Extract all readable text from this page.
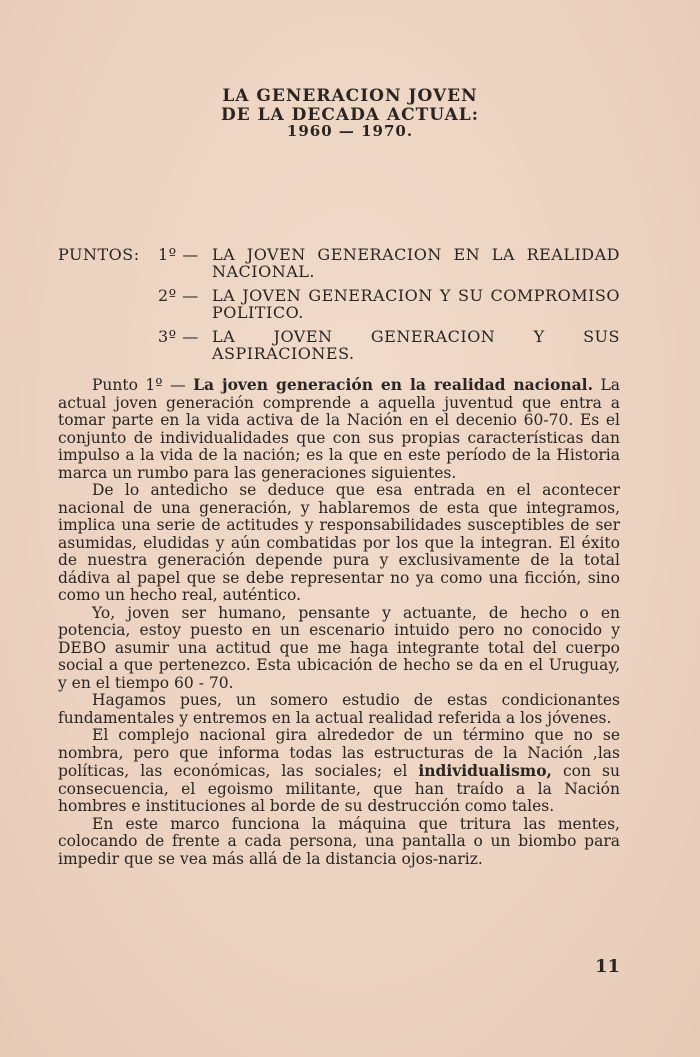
LA GENERACION JOVEN
DE LA DECADA ACTUAL:
1960 — 1970.
PUNTOS:	1º — LA JOVEN GENERACION EN LA REALIDAD NACIONAL.
2º — LA JOVEN GENERACION Y SU COMPROMISO POLITICO.
3º — LA JOVEN GENERACION Y SUS ASPIRACIONES.

Punto 1º — La joven generación en la realidad nacional. La actual joven generación comprende a aquella juventud que entra a tomar parte en la vida activa de la Nación en el decenio 60-70. Es el conjunto de individualidades que con sus propias características dan impulso a la vida de la nación; es la que en este período de la Historia marca un rumbo para las generaciones siguientes.

De lo antedicho se deduce que esa entrada en el acontecer nacional de una generación, y hablaremos de esta que integramos, implica una serie de actitudes y responsabilidades susceptibles de ser asumidas, eludidas y aún combatidas por los que la integran. El éxito de nuestra generación depende pura y exclusivamente de la total dádiva al papel que se debe representar no ya como una ficción, sino como un hecho real, auténtico.

Yo, joven ser humano, pensante y actuante, de hecho o en potencia, estoy puesto en un escenario intuido pero no conocido y DEBO asumir una actitud que me haga integrante total del cuerpo social a que pertenezco. Esta ubicación de hecho se da en el Uruguay, y en el tiempo 60 - 70.

Hagamos pues, un somero estudio de estas condicionantes fundamentales y entremos en la actual realidad referida a los jóvenes.

El complejo nacional gira alrededor de un término que no se nombra, pero que informa todas las estructuras de la Nación ,las políticas, las económicas, las sociales; el individualismo, con su consecuencia, el egoismo militante, que han traído a la Nación hombres e instituciones al borde de su destrucción como tales.

En este marco funciona la máquina que tritura las mentes, colocando de frente a cada persona, una pantalla o un biombo para impedir que se vea más allá de la distancia ojos-nariz.

11
